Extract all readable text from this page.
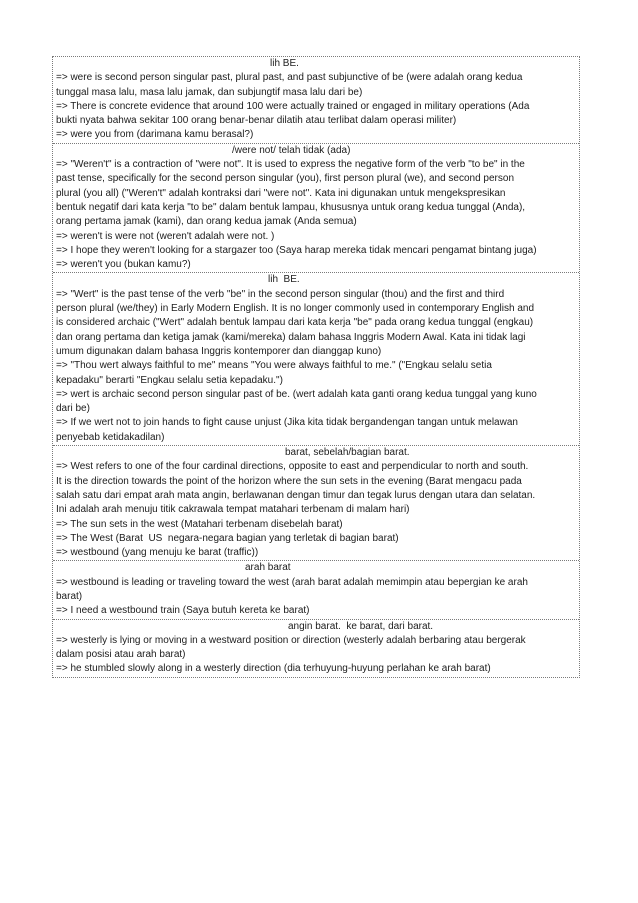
lih BE.

=> were is second person singular past, plural past, and past subjunctive of be (were adalah orang kedua
tunggal masa lalu, masa lalu jamak, dan subjungtif masa lalu dari be)
=> There is concrete evidence that around 100 were actually trained or engaged in military operations (Ada
bukti nyata bahwa sekitar 100 orang benar-benar dilatih atau terlibat dalam operasi militer)
=> were you from (darimana kamu berasal?)

/were not/ telah tidak (ada)

=> "Weren't" is a contraction of "were not". It is used to express the negative form of the verb "to be" in the
past tense, specifically for the second person singular (you), first person plural (we), and second person
plural (you all) ("Weren't" adalah kontraksi dari "were not". Kata ini digunakan untuk mengekspresikan
bentuk negatif dari kata kerja "to be" dalam bentuk lampau, khususnya untuk orang kedua tunggal (Anda),
orang pertama jamak (kami), dan orang kedua jamak (Anda semua)
=> weren't is were not (weren't adalah were not. )
=> I hope they weren't looking for a stargazer too (Saya harap mereka tidak mencari pengamat bintang juga)
=> weren't you (bukan kamu?)

lih  BE.

=> "Wert" is the past tense of the verb "be" in the second person singular (thou) and the first and third
person plural (we/they) in Early Modern English. It is no longer commonly used in contemporary English and
is considered archaic ("Wert" adalah bentuk lampau dari kata kerja "be" pada orang kedua tunggal (engkau)
dan orang pertama dan ketiga jamak (kami/mereka) dalam bahasa Inggris Modern Awal. Kata ini tidak lagi
umum digunakan dalam bahasa Inggris kontemporer dan dianggap kuno)
=> "Thou wert always faithful to me" means "You were always faithful to me." ("Engkau selalu setia
kepadaku" berarti "Engkau selalu setia kepadaku.")
=> wert is archaic second person singular past of be. (wert adalah kata ganti orang kedua tunggal yang kuno
dari be)
=> If we wert not to join hands to fight cause unjust (Jika kita tidak bergandengan tangan untuk melawan
penyebab ketidakadilan)

barat, sebelah/bagian barat.

=> West refers to one of the four cardinal directions, opposite to east and perpendicular to north and south.
It is the direction towards the point of the horizon where the sun sets in the evening (Barat mengacu pada
salah satu dari empat arah mata angin, berlawanan dengan timur dan tegak lurus dengan utara dan selatan.
Ini adalah arah menuju titik cakrawala tempat matahari terbenam di malam hari)
=> The sun sets in the west (Matahari terbenam disebelah barat)
=> The West (Barat  US  negara-negara bagian yang terletak di bagian barat)
=> westbound (yang menuju ke barat (traffic))

arah barat

=> westbound is leading or traveling toward the west (arah barat adalah memimpin atau bepergian ke arah
barat)
=> I need a westbound train (Saya butuh kereta ke barat)

angin barat.  ke barat, dari barat.

=> westerly is lying or moving in a westward position or direction (westerly adalah berbaring atau bergerak
dalam posisi atau arah barat)
=> he stumbled slowly along in a westerly direction (dia terhuyung-huyung perlahan ke arah barat)
